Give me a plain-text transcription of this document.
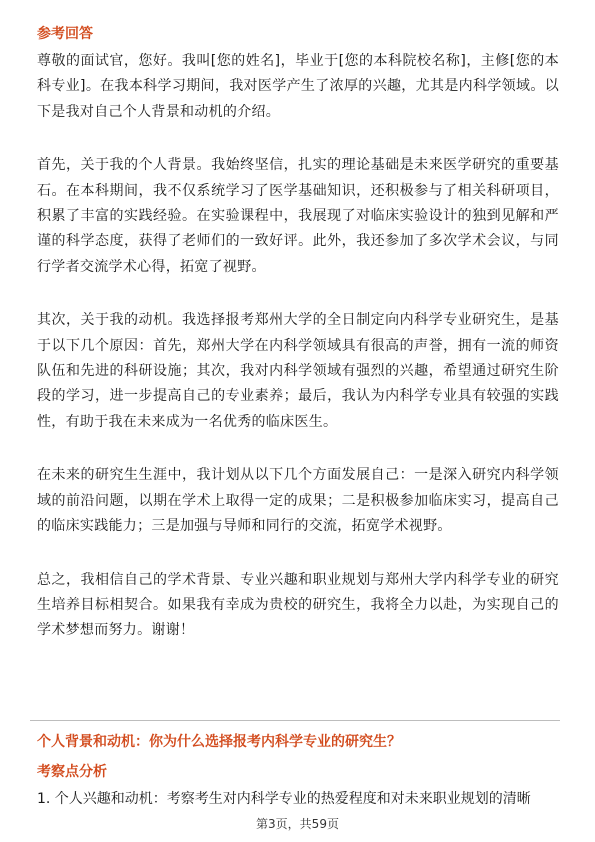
参考回答

尊敬的面试官，您好。我叫[您的姓名]，毕业于[您的本科院校名称]，主修[您的本科专业]。在我本科学习期间，我对医学产生了浓厚的兴趣，尤其是内科学领域。以下是我对自己个人背景和动机的介绍。

首先，关于我的个人背景。我始终坚信，扎实的理论基础是未来医学研究的重要基石。在本科期间，我不仅系统学习了医学基础知识，还积极参与了相关科研项目，积累了丰富的实践经验。在实验课程中，我展现了对临床实验设计的独到见解和严谨的科学态度，获得了老师们的一致好评。此外，我还参加了多次学术会议，与同行学者交流学术心得，拓宽了视野。

其次，关于我的动机。我选择报考郑州大学的全日制定向内科学专业研究生，是基于以下几个原因：首先，郑州大学在内科学领域具有很高的声誉，拥有一流的师资队伍和先进的科研设施；其次，我对内科学领域有强烈的兴趣，希望通过研究生阶段的学习，进一步提高自己的专业素养；最后，我认为内科学专业具有较强的实践性，有助于我在未来成为一名优秀的临床医生。

在未来的研究生生涯中，我计划从以下几个方面发展自己：一是深入研究内科学领域的前沿问题，以期在学术上取得一定的成果；二是积极参加临床实习，提高自己的临床实践能力；三是加强与导师和同行的交流，拓宽学术视野。

总之，我相信自己的学术背景、专业兴趣和职业规划与郑州大学内科学专业的研究生培养目标相契合。如果我有幸成为贵校的研究生，我将全力以赴，为实现自己的学术梦想而努力。谢谢！

个人背景和动机：你为什么选择报考内科学专业的研究生？
考察点分析
1. 个人兴趣和动机：考察考生对内科学专业的热爱程度和对未来职业规划的清晰
第3页，共59页
